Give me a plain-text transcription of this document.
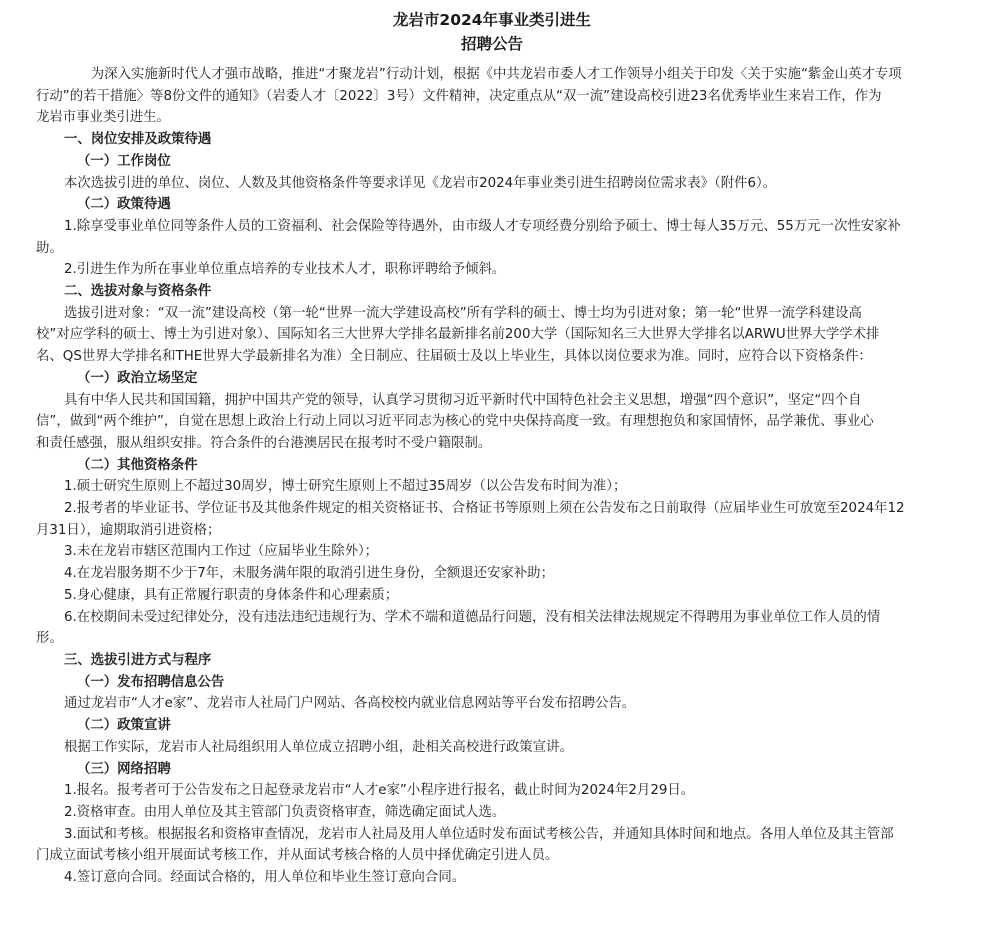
龙岩市2024年事业类引进生
招聘公告

为深入实施新时代人才强市战略，推进“才聚龙岩”行动计划，根据《中共龙岩市委人才工作领导小组关于印发〈关于实施“紫金山英才专项

行动”的若干措施〉等8份文件的通知》（岩委人才〔2022〕3号）文件精神，决定重点从“双一流”建设高校引进23名优秀毕业生来岩工作，作为

龙岩市事业类引进生。

一、岗位安排及政策待遇

（一）工作岗位

本次选拔引进的单位、岗位、人数及其他资格条件等要求详见《龙岩市2024年事业类引进生招聘岗位需求表》（附件6）。

（二）政策待遇

1.除享受事业单位同等条件人员的工资福利、社会保险等待遇外，由市级人才专项经费分别给予硕士、博士每人35万元、55万元一次性安家补

助。

2.引进生作为所在事业单位重点培养的专业技术人才，职称评聘给予倾斜。

二、选拔对象与资格条件

选拔引进对象：“双一流”建设高校（第一轮“世界一流大学建设高校”所有学科的硕士、博士均为引进对象；第一轮“世界一流学科建设高

校”对应学科的硕士、博士为引进对象）、国际知名三大世界大学排名最新排名前200大学（国际知名三大世界大学排名以ARWU世界大学学术排

名、QS世界大学排名和THE世界大学最新排名为准）全日制应、往届硕士及以上毕业生，具体以岗位要求为准。同时，应符合以下资格条件：

（一）政治立场坚定

具有中华人民共和国国籍，拥护中国共产党的领导，认真学习贯彻习近平新时代中国特色社会主义思想，增强“四个意识”，坚定“四个自

信”，做到“两个维护”，自觉在思想上政治上行动上同以习近平同志为核心的党中央保持高度一致。有理想抱负和家国情怀，品学兼优、事业心

和责任感强，服从组织安排。符合条件的台港澳居民在报考时不受户籍限制。

（二）其他资格条件

1.硕士研究生原则上不超过30周岁，博士研究生原则上不超过35周岁（以公告发布时间为准）；

2.报考者的毕业证书、学位证书及其他条件规定的相关资格证书、合格证书等原则上须在公告发布之日前取得（应届毕业生可放宽至2024年12

月31日），逾期取消引进资格；

3.未在龙岩市辖区范围内工作过（应届毕业生除外）；

4.在龙岩服务期不少于7年，未服务满年限的取消引进生身份，全额退还安家补助；

5.身心健康，具有正常履行职责的身体条件和心理素质；

6.在校期间未受过纪律处分，没有违法违纪违规行为、学术不端和道德品行问题，没有相关法律法规规定不得聘用为事业单位工作人员的情

形。

三、选拔引进方式与程序

（一）发布招聘信息公告

通过龙岩市“人才e家”、龙岩市人社局门户网站、各高校校内就业信息网站等平台发布招聘公告。

（二）政策宣讲

根据工作实际，龙岩市人社局组织用人单位成立招聘小组，赴相关高校进行政策宣讲。

（三）网络招聘

1.报名。报考者可于公告发布之日起登录龙岩市“人才e家”小程序进行报名，截止时间为2024年2月29日。

2.资格审查。由用人单位及其主管部门负责资格审查，筛选确定面试人选。

3.面试和考核。根据报名和资格审查情况，龙岩市人社局及用人单位适时发布面试考核公告，并通知具体时间和地点。各用人单位及其主管部

门成立面试考核小组开展面试考核工作，并从面试考核合格的人员中择优确定引进人员。

4.签订意向合同。经面试合格的，用人单位和毕业生签订意向合同。
